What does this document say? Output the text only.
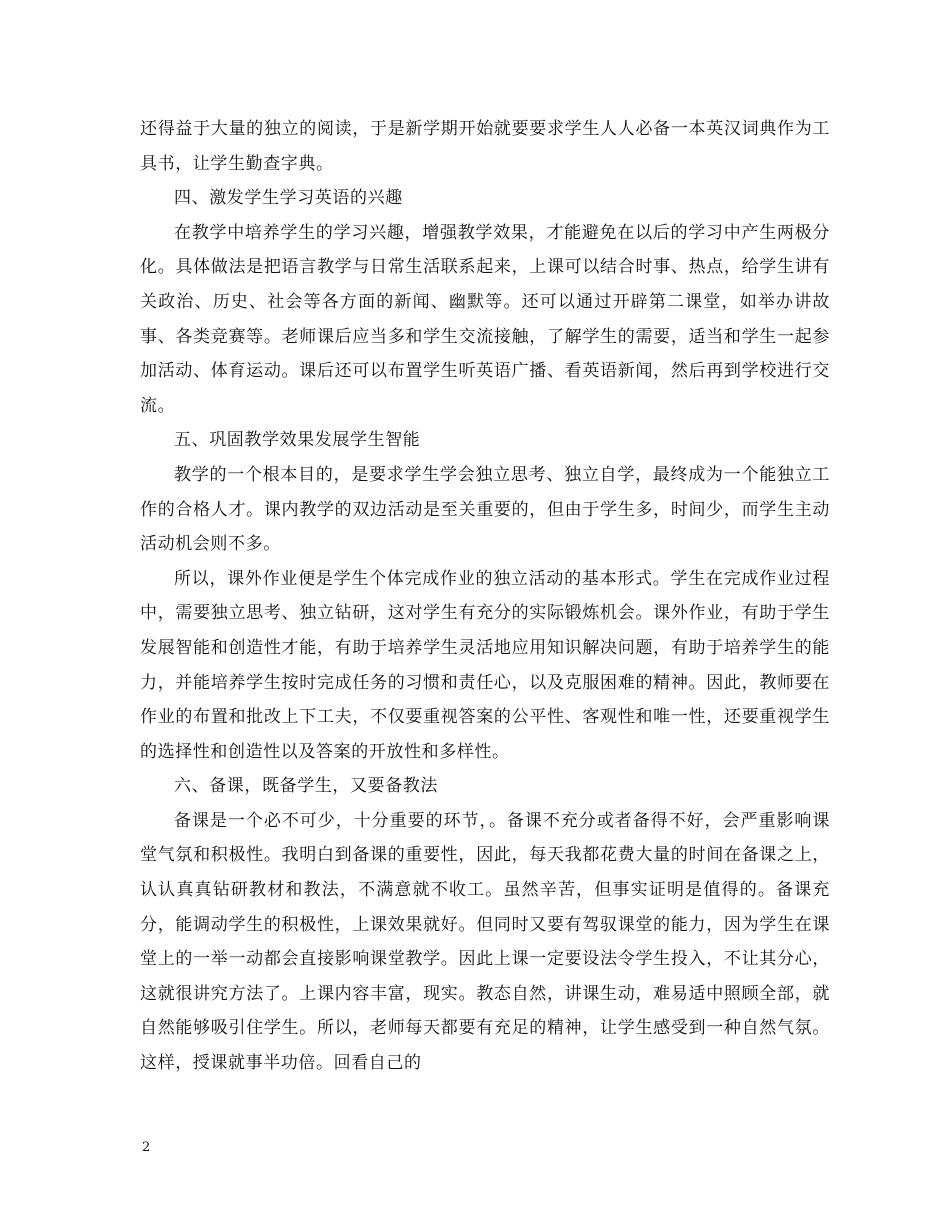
还得益于大量的独立的阅读，于是新学期开始就要要求学生人人必备一本英汉词典作为工具书，让学生勤查字典。

四、激发学生学习英语的兴趣

在教学中培养学生的学习兴趣，增强教学效果，才能避免在以后的学习中产生两极分化。具体做法是把语言教学与日常生活联系起来，上课可以结合时事、热点，给学生讲有关政治、历史、社会等各方面的新闻、幽默等。还可以通过开辟第二课堂，如举办讲故事、各类竞赛等。老师课后应当多和学生交流接触，了解学生的需要，适当和学生一起参加活动、体育运动。课后还可以布置学生听英语广播、看英语新闻，然后再到学校进行交流。

五、巩固教学效果发展学生智能

教学的一个根本目的，是要求学生学会独立思考、独立自学，最终成为一个能独立工作的合格人才。课内教学的双边活动是至关重要的，但由于学生多，时间少，而学生主动活动机会则不多。

所以，课外作业便是学生个体完成作业的独立活动的基本形式。学生在完成作业过程中，需要独立思考、独立钻研，这对学生有充分的实际锻炼机会。课外作业，有助于学生发展智能和创造性才能，有助于培养学生灵活地应用知识解决问题，有助于培养学生的能力，并能培养学生按时完成任务的习惯和责任心，以及克服困难的精神。因此，教师要在作业的布置和批改上下工夫，不仅要重视答案的公平性、客观性和唯一性，还要重视学生的选择性和创造性以及答案的开放性和多样性。

六、备课，既备学生，又要备教法

备课是一个必不可少，十分重要的环节，。备课不充分或者备得不好，会严重影响课堂气氛和积极性。我明白到备课的重要性，因此，每天我都花费大量的时间在备课之上，认认真真钻研教材和教法，不满意就不收工。虽然辛苦，但事实证明是值得的。备课充分，能调动学生的积极性，上课效果就好。但同时又要有驾驭课堂的能力，因为学生在课堂上的一举一动都会直接影响课堂教学。因此上课一定要设法令学生投入，不让其分心，这就很讲究方法了。上课内容丰富，现实。教态自然，讲课生动，难易适中照顾全部，就自然能够吸引住学生。所以，老师每天都要有充足的精神，让学生感受到一种自然气氛。这样，授课就事半功倍。回看自己的

2
